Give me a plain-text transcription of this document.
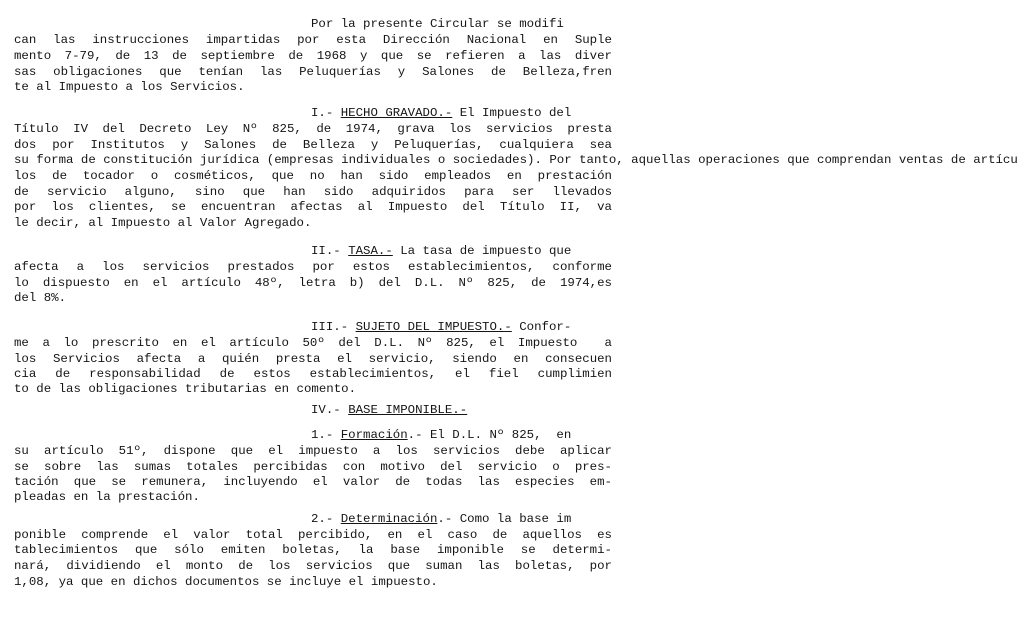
Por la presente Circular se modifi
can las instrucciones impartidas por esta Dirección Nacional en Suple
mento 7-79, de 13 de septiembre de 1968 y que se refieren a las diver
sas obligaciones que tenían las Peluquerías y Salones de Belleza,fren
te al Impuesto a los Servicios.
I.- HECHO GRAVADO.- El Impuesto del
Título IV del Decreto Ley Nº 825, de 1974, grava los servicios presta
dos por Institutos y Salones de Belleza y Peluquerías, cualquiera sea
su forma de constitución jurídica (empresas individuales o sociedades). Por tanto, aquellas operaciones que comprendan ventas de artícu
los de tocador o cosméticos, que no han sido empleados en prestación
de servicio alguno, sino que han sido adquiridos para ser llevados
por los clientes, se encuentran afectas al Impuesto del Título II, va
le decir, al Impuesto al Valor Agregado.
II.- TASA.- La tasa de impuesto que
afecta a los servicios prestados por estos establecimientos, conforme
lo dispuesto en el artículo 48º, letra b) del D.L. Nº 825, de 1974,es
del 8%.
III.- SUJETO DEL IMPUESTO.- Confor-
me a lo prescrito en el artículo 50º del D.L. Nº 825, el Impuesto  a
los Servicios afecta a quién presta el servicio, siendo en consecuen
cia de responsabilidad de estos establecimientos, el fiel cumplimien
to de las obligaciones tributarias en comento.
IV.- BASE IMPONIBLE.-
1.- Formación.- El D.L. Nº 825,  en
su artículo 51º, dispone que el impuesto a los servicios debe aplicar
se sobre las sumas totales percibidas con motivo del servicio o pres-
tación que se remunera, incluyendo el valor de todas las especies em-
pleadas en la prestación.
2.- Determinación.- Como la base im
ponible comprende el valor total percibido, en el caso de aquellos es
tablecimientos que sólo emiten boletas, la base imponible se determi-
nará, dividiendo el monto de los servicios que suman las boletas, por
1,08, ya que en dichos documentos se incluye el impuesto.
